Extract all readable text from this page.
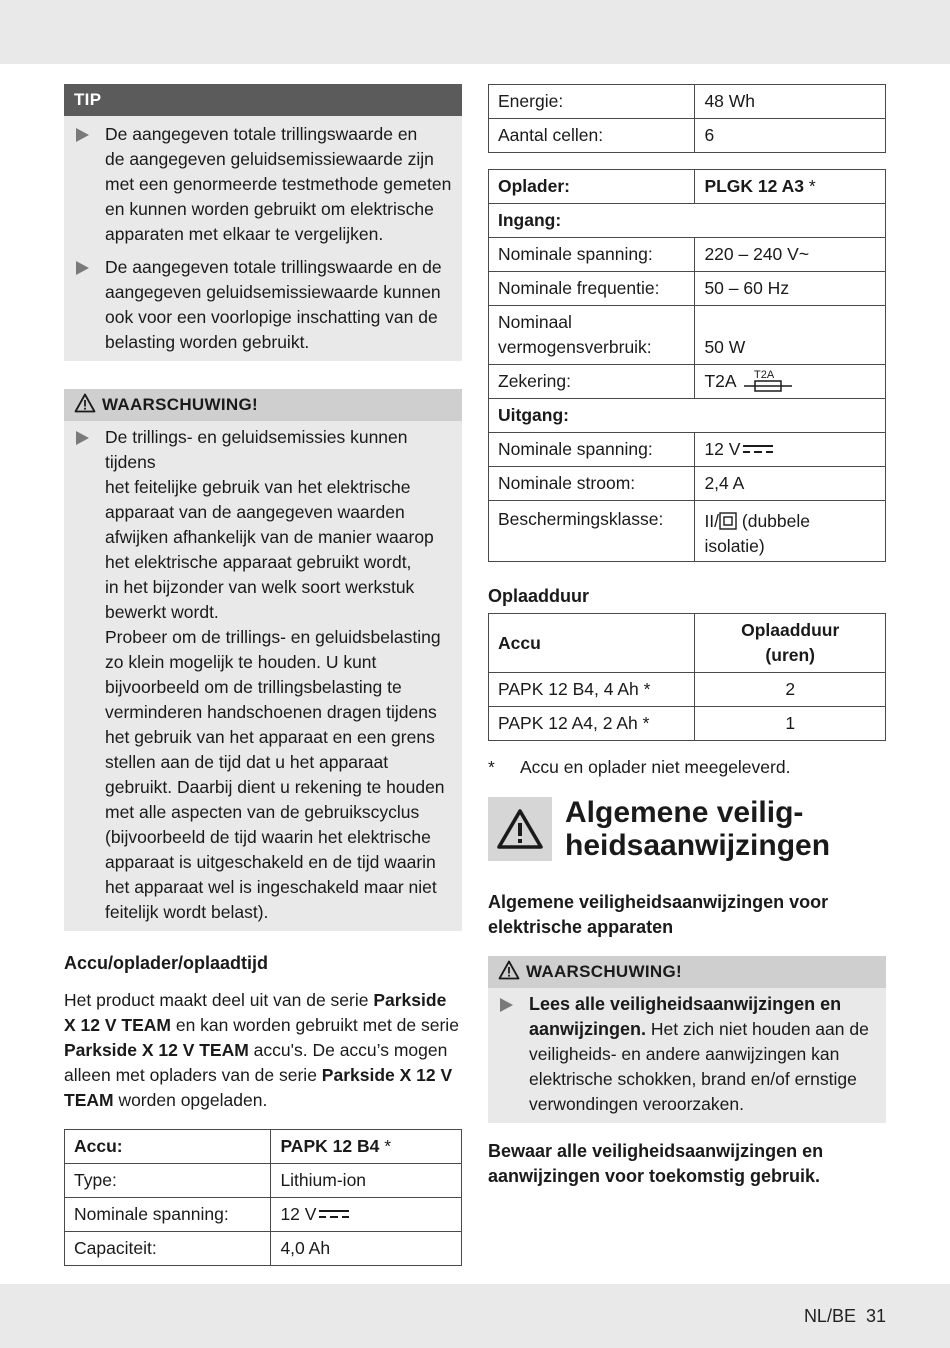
TIP

De aangegeven totale trillingswaarde en

de aangegeven geluidsemissiewaarde zijn

met een genormeerde testmethode gemeten

en kunnen worden gebruikt om elektrische

apparaten met elkaar te vergelijken.

De aangegeven totale trillingswaarde en de

aangegeven geluidsemissiewaarde kunnen

ook voor een voorlopige inschatting van de

belasting worden gebruikt.

WAARSCHUWING!

De trillings- en geluidsemissies kunnen tijdens

het feitelijke gebruik van het elektrische

apparaat van de aangegeven waarden

afwijken afhankelijk van de manier waarop

het elektrische apparaat gebruikt wordt,

in het bijzonder van welk soort werkstuk

bewerkt wordt.

Probeer om de trillings- en geluidsbelasting

zo klein mogelijk te houden. U kunt

bijvoorbeeld om de trillingsbelasting te

verminderen handschoenen dragen tijdens

het gebruik van het apparaat en een grens

stellen aan de tijd dat u het apparaat

gebruikt. Daarbij dient u rekening te houden

met alle aspecten van de gebruikscyclus

(bijvoorbeeld de tijd waarin het elektrische

apparaat is uitgeschakeld en de tijd waarin

het apparaat wel is ingeschakeld maar niet

feitelijk wordt belast).

Accu/oplader/oplaadtijd
Het product maakt deel uit van de serie Parkside X 12 V TEAM en kan worden gebruikt met de serie Parkside X 12 V TEAM accu's. De accu’s mogen alleen met opladers van de serie Parkside X 12 V TEAM worden opgeladen.
Accu:	PAPK 12 B4 *
Type:	Lithium-ion
Nominale spanning:	12 V
Capaciteit:	4,0 Ah
Energie:	48 Wh
Aantal cellen:	6
Oplader:	PLGK 12 A3 *
Ingang:	
Nominale spanning:	220 – 240 V~
Nominale frequentie:	50 – 60 Hz

Nominaal
vermogensverbruik:	50 W
Zekering:	T2A T2A

Uitgang:	
Nominale spanning:	12 V
Nominale stroom:	2,4 A
Beschermingsklasse:	II/ (dubbele
isolatie)
Oplaadduur
Accu	Oplaadduur
(uren)

PAPK 12 B4, 4 Ah *	2
PAPK 12 A4, 2 Ah *	1
* Accu en oplader niet meegeleverd.
Algemene veilig-
heidsaanwijzingen
Algemene veiligheidsaanwijzingen voor
elektrische apparaten
WAARSCHUWING!

Lees alle veiligheidsaanwijzingen en aanwijzingen. Het zich niet houden aan de veiligheids- en andere aanwijzingen kan elektrische schokken, brand en/of ernstige verwondingen veroorzaken.

Bewaar alle veiligheidsaanwijzingen en
aanwijzingen voor toekomstig gebruik.
NL/BE 31
